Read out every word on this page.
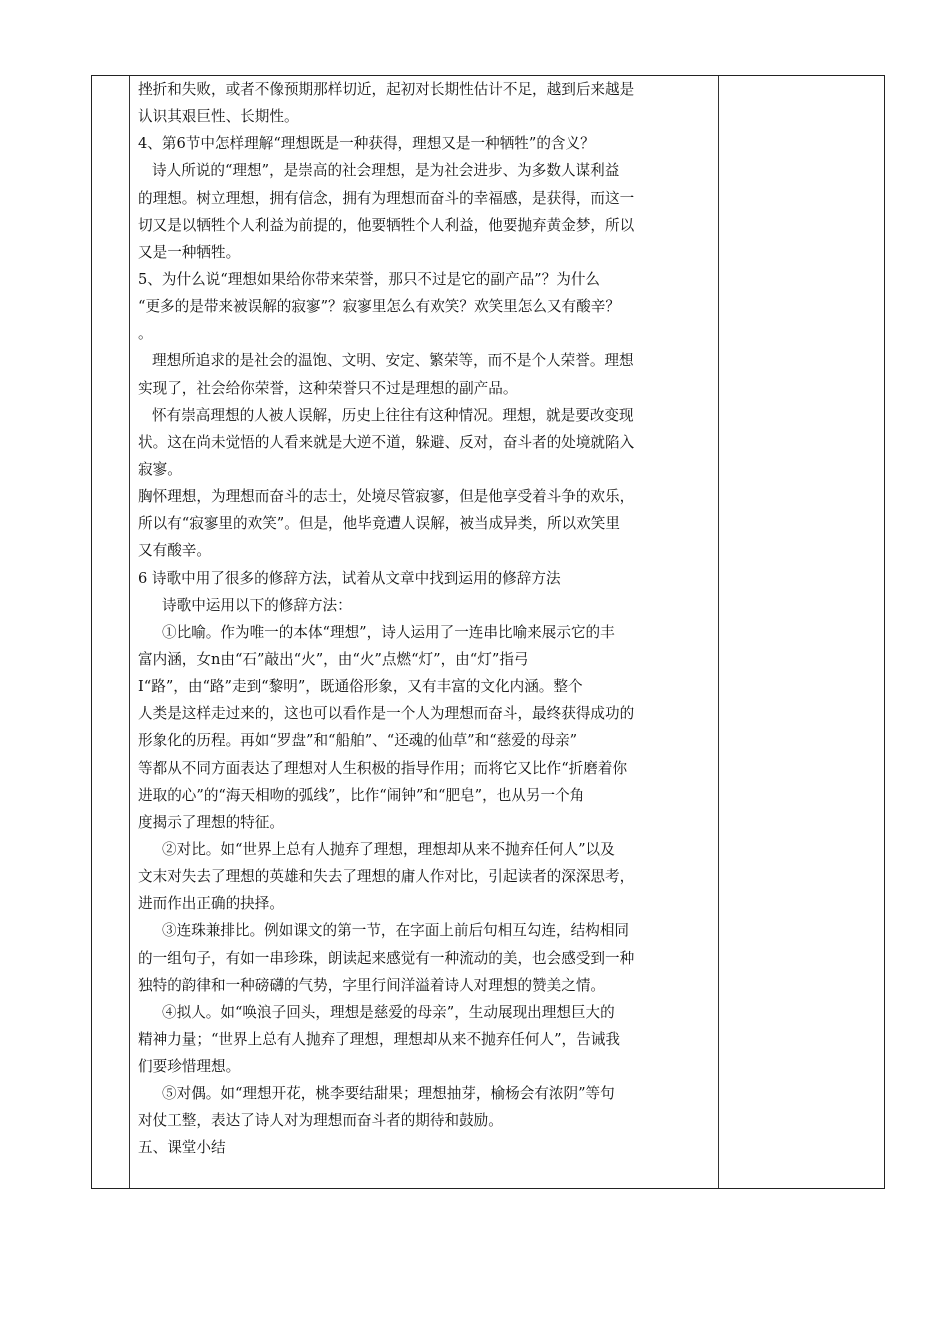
挫折和失败，或者不像预期那样切近，起初对长期性估计不足，越到后来越是
认识其艰巨性、长期性。
4、第6节中怎样理解“理想既是一种获得，理想又是一种牺牲”的含义？
诗人所说的“理想”，是崇高的社会理想，是为社会进步、为多数人谋利益
的理想。树立理想，拥有信念，拥有为理想而奋斗的幸福感，是获得，而这一
切又是以牺牲个人利益为前提的，他要牺牲个人利益，他要抛弃黄金梦，所以
又是一种牺牲。
5、为什么说“理想如果给你带来荣誉，那只不过是它的副产品”？为什么
“更多的是带来被误解的寂寥”？寂寥里怎么有欢笑？欢笑里怎么又有酸辛？
。
理想所追求的是社会的温饱、文明、安定、繁荣等，而不是个人荣誉。理想
实现了，社会给你荣誉，这种荣誉只不过是理想的副产品。
怀有崇高理想的人被人误解，历史上往往有这种情况。理想，就是要改变现
状。这在尚未觉悟的人看来就是大逆不道，躲避、反对，奋斗者的处境就陷入
寂寥。
胸怀理想，为理想而奋斗的志士，处境尽管寂寥，但是他享受着斗争的欢乐，
所以有“寂寥里的欢笑”。但是，他毕竟遭人误解，被当成异类，所以欢笑里
又有酸辛。
6 诗歌中用了很多的修辞方法，试着从文章中找到运用的修辞方法
诗歌中运用以下的修辞方法：
①比喻。作为唯一的本体“理想”，诗人运用了一连串比喻来展示它的丰
富内涵，女n由“石”敲出“火”，由“火”点燃“灯”，由“灯”指弓
I“路”，由“路”走到“黎明”，既通俗形象，又有丰富的文化内涵。整个
人类是这样走过来的，这也可以看作是一个人为理想而奋斗，最终获得成功的
形象化的历程。再如“罗盘”和“船舶”、“还魂的仙草”和“慈爱的母亲”
等都从不同方面表达了理想对人生积极的指导作用；而将它又比作“折磨着你
进取的心”的“海天相吻的弧线”，比作“闹钟”和“肥皂”，也从另一个角
度揭示了理想的特征。
②对比。如“世界上总有人抛弃了理想，理想却从来不抛弃任何人”以及
文末对失去了理想的英雄和失去了理想的庸人作对比，引起读者的深深思考，
进而作出正确的抉择。
③连珠兼排比。例如课文的第一节，在字面上前后句相互勾连，结构相同
的一组句子，有如一串珍珠，朗读起来感觉有一种流动的美，也会感受到一种
独特的韵律和一种磅礴的气势，字里行间洋溢着诗人对理想的赞美之情。
④拟人。如“唤浪子回头，理想是慈爱的母亲”，生动展现出理想巨大的
精神力量；“世界上总有人抛弃了理想，理想却从来不抛弃任何人”，告诫我
们要珍惜理想。
⑤对偶。如“理想开花，桃李要结甜果；理想抽芽，榆杨会有浓阴”等句
对仗工整，表达了诗人对为理想而奋斗者的期待和鼓励。
五、课堂小结
